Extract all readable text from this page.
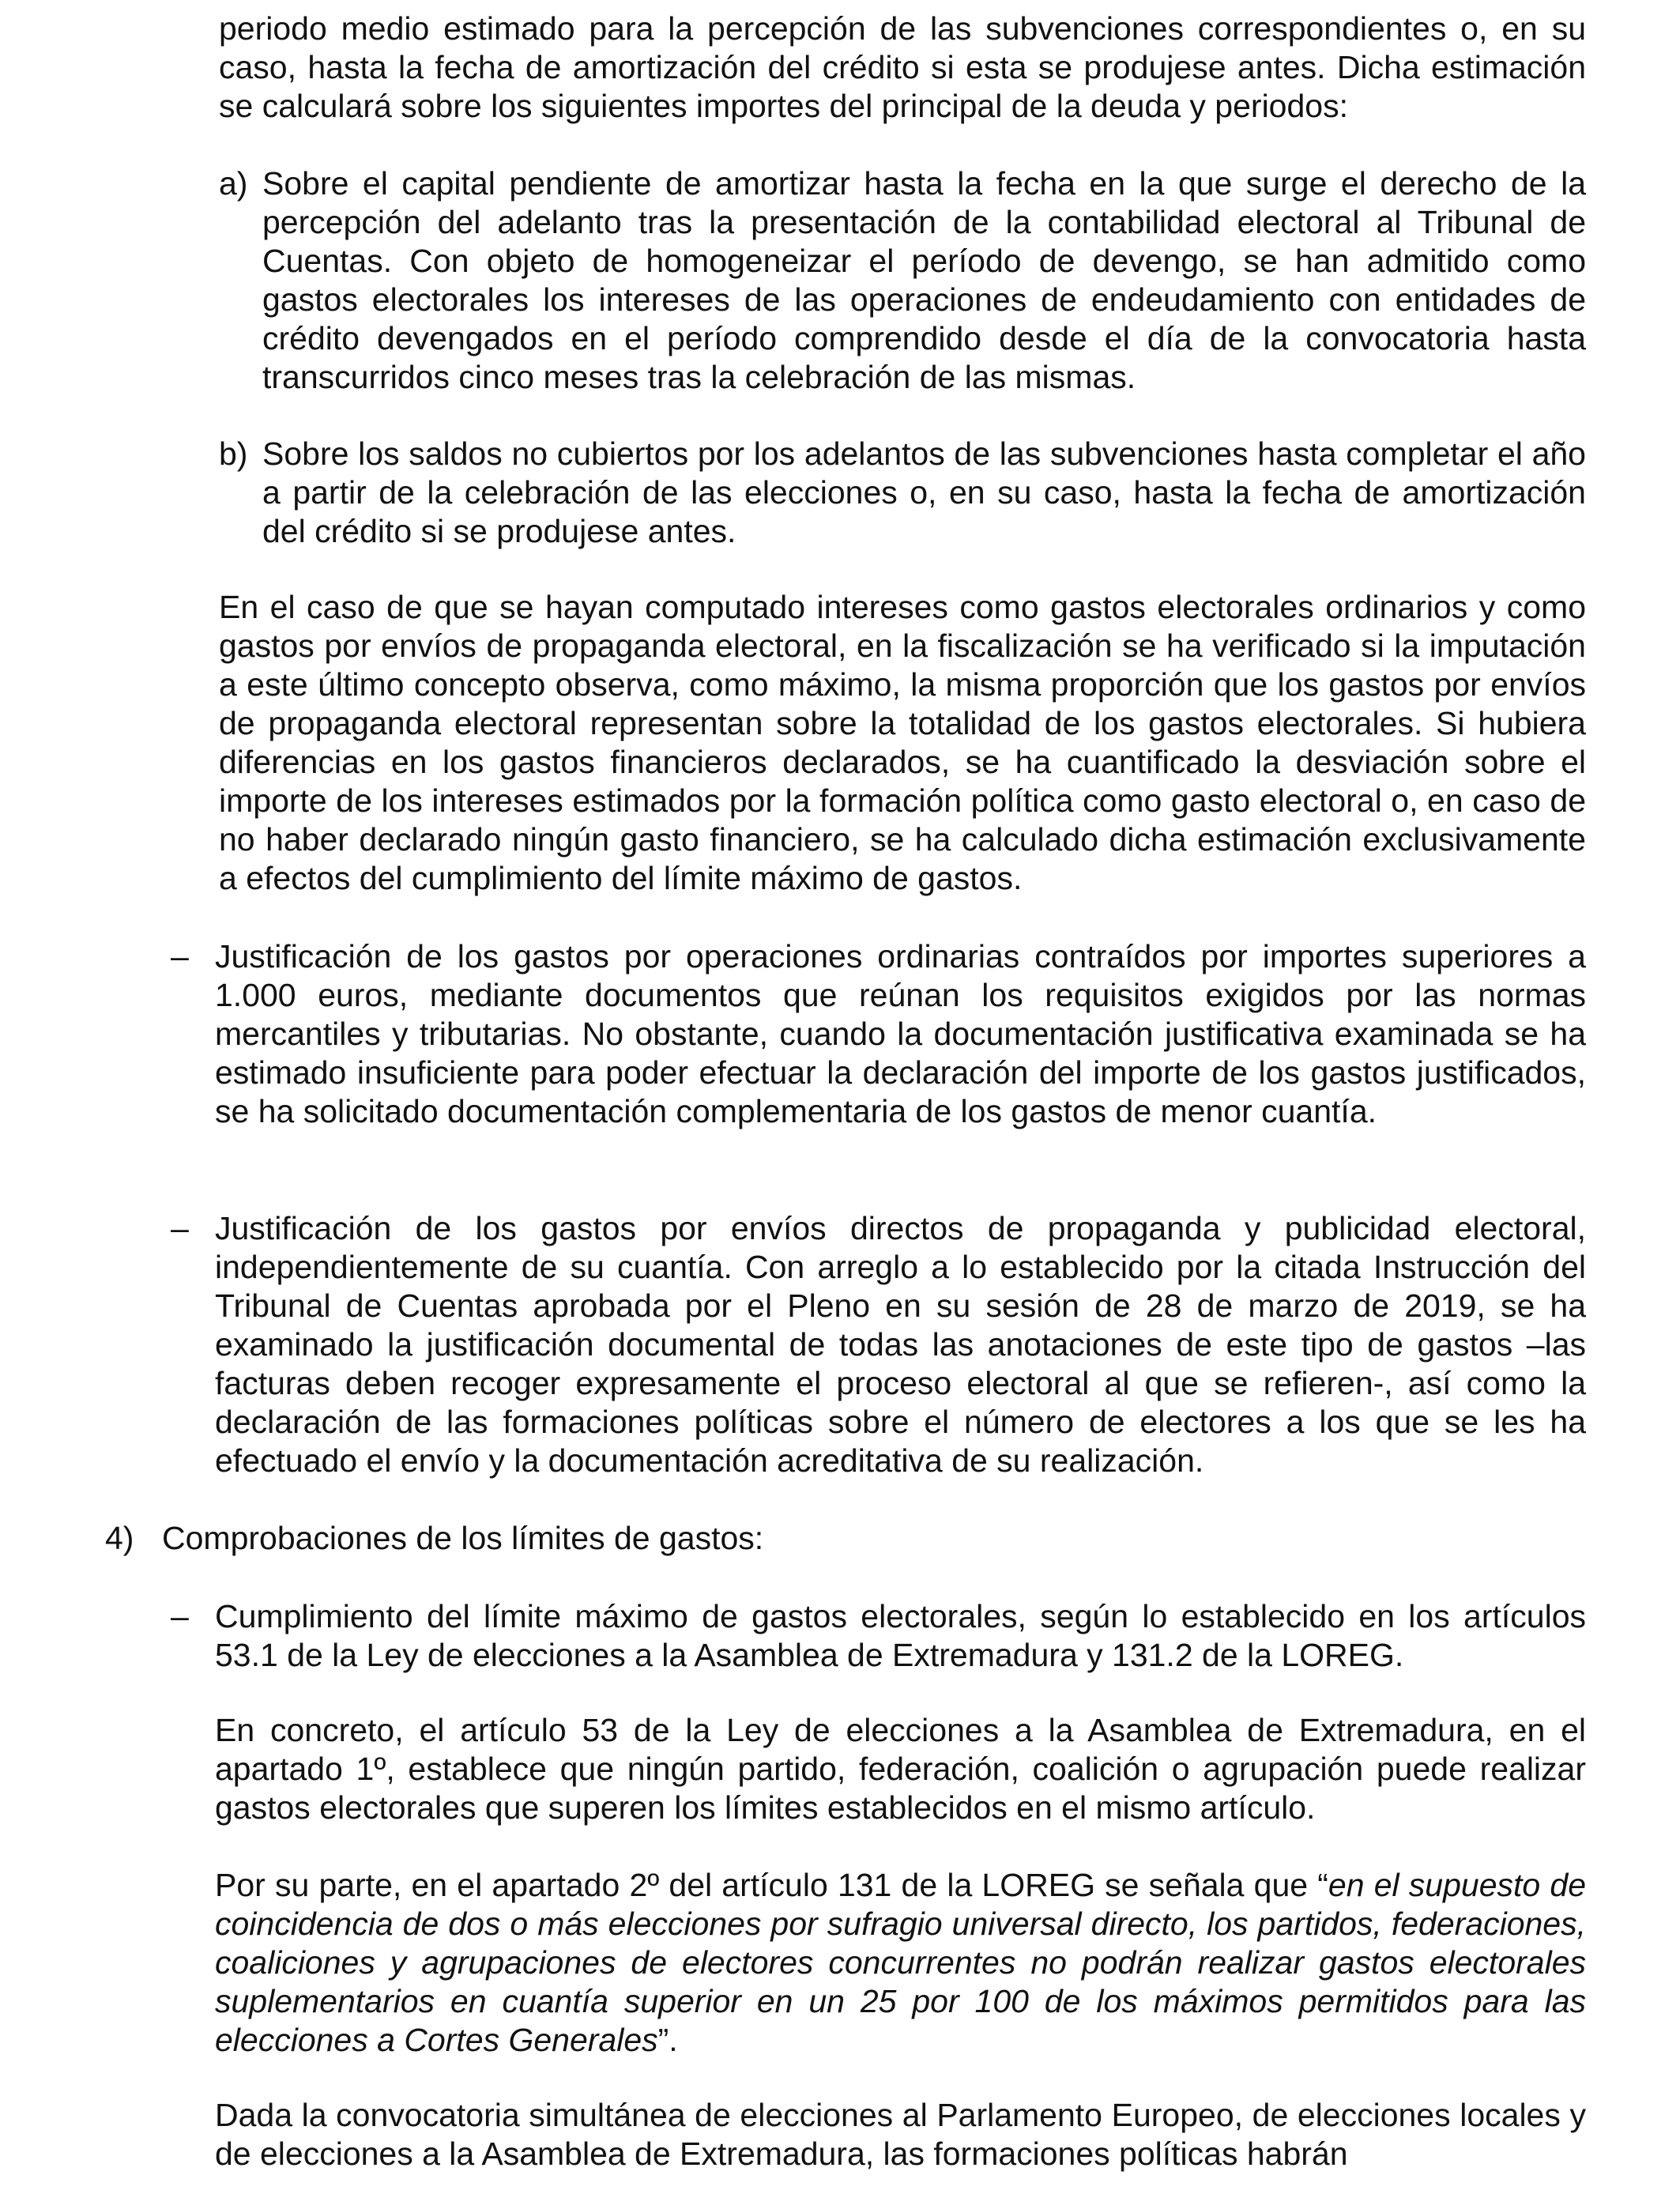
periodo medio estimado para la percepción de las subvenciones correspondientes o, en su caso, hasta la fecha de amortización del crédito si esta se produjese antes. Dicha estimación se calculará sobre los siguientes importes del principal de la deuda y periodos:

a) Sobre el capital pendiente de amortizar hasta la fecha en la que surge el derecho de la percepción del adelanto tras la presentación de la contabilidad electoral al Tribunal de Cuentas. Con objeto de homogeneizar el período de devengo, se han admitido como gastos electorales los intereses de las operaciones de endeudamiento con entidades de crédito devengados en el período comprendido desde el día de la convocatoria hasta transcurridos cinco meses tras la celebración de las mismas.

b) Sobre los saldos no cubiertos por los adelantos de las subvenciones hasta completar el año a partir de la celebración de las elecciones o, en su caso, hasta la fecha de amortización del crédito si se produjese antes.

En el caso de que se hayan computado intereses como gastos electorales ordinarios y como gastos por envíos de propaganda electoral, en la fiscalización se ha verificado si la imputación a este último concepto observa, como máximo, la misma proporción que los gastos por envíos de propaganda electoral representan sobre la totalidad de los gastos electorales. Si hubiera diferencias en los gastos financieros declarados, se ha cuantificado la desviación sobre el importe de los intereses estimados por la formación política como gasto electoral o, en caso de no haber declarado ningún gasto financiero, se ha calculado dicha estimación exclusivamente a efectos del cumplimiento del límite máximo de gastos.

– Justificación de los gastos por operaciones ordinarias contraídos por importes superiores a 1.000 euros, mediante documentos que reúnan los requisitos exigidos por las normas mercantiles y tributarias. No obstante, cuando la documentación justificativa examinada se ha estimado insuficiente para poder efectuar la declaración del importe de los gastos justificados, se ha solicitado documentación complementaria de los gastos de menor cuantía.

– Justificación de los gastos por envíos directos de propaganda y publicidad electoral, independientemente de su cuantía. Con arreglo a lo establecido por la citada Instrucción del Tribunal de Cuentas aprobada por el Pleno en su sesión de 28 de marzo de 2019, se ha examinado la justificación documental de todas las anotaciones de este tipo de gastos –las facturas deben recoger expresamente el proceso electoral al que se refieren-, así como la declaración de las formaciones políticas sobre el número de electores a los que se les ha efectuado el envío y la documentación acreditativa de su realización.

4) Comprobaciones de los límites de gastos:

– Cumplimiento del límite máximo de gastos electorales, según lo establecido en los artículos 53.1 de la Ley de elecciones a la Asamblea de Extremadura y 131.2 de la LOREG.

En concreto, el artículo 53 de la Ley de elecciones a la Asamblea de Extremadura, en el apartado 1º, establece que ningún partido, federación, coalición o agrupación puede realizar gastos electorales que superen los límites establecidos en el mismo artículo.

Por su parte, en el apartado 2º del artículo 131 de la LOREG se señala que “en el supuesto de coincidencia de dos o más elecciones por sufragio universal directo, los partidos, federaciones, coaliciones y agrupaciones de electores concurrentes no podrán realizar gastos electorales suplementarios en cuantía superior en un 25 por 100 de los máximos permitidos para las elecciones a Cortes Generales”.

Dada la convocatoria simultánea de elecciones al Parlamento Europeo, de elecciones locales y de elecciones a la Asamblea de Extremadura, las formaciones políticas habrán
